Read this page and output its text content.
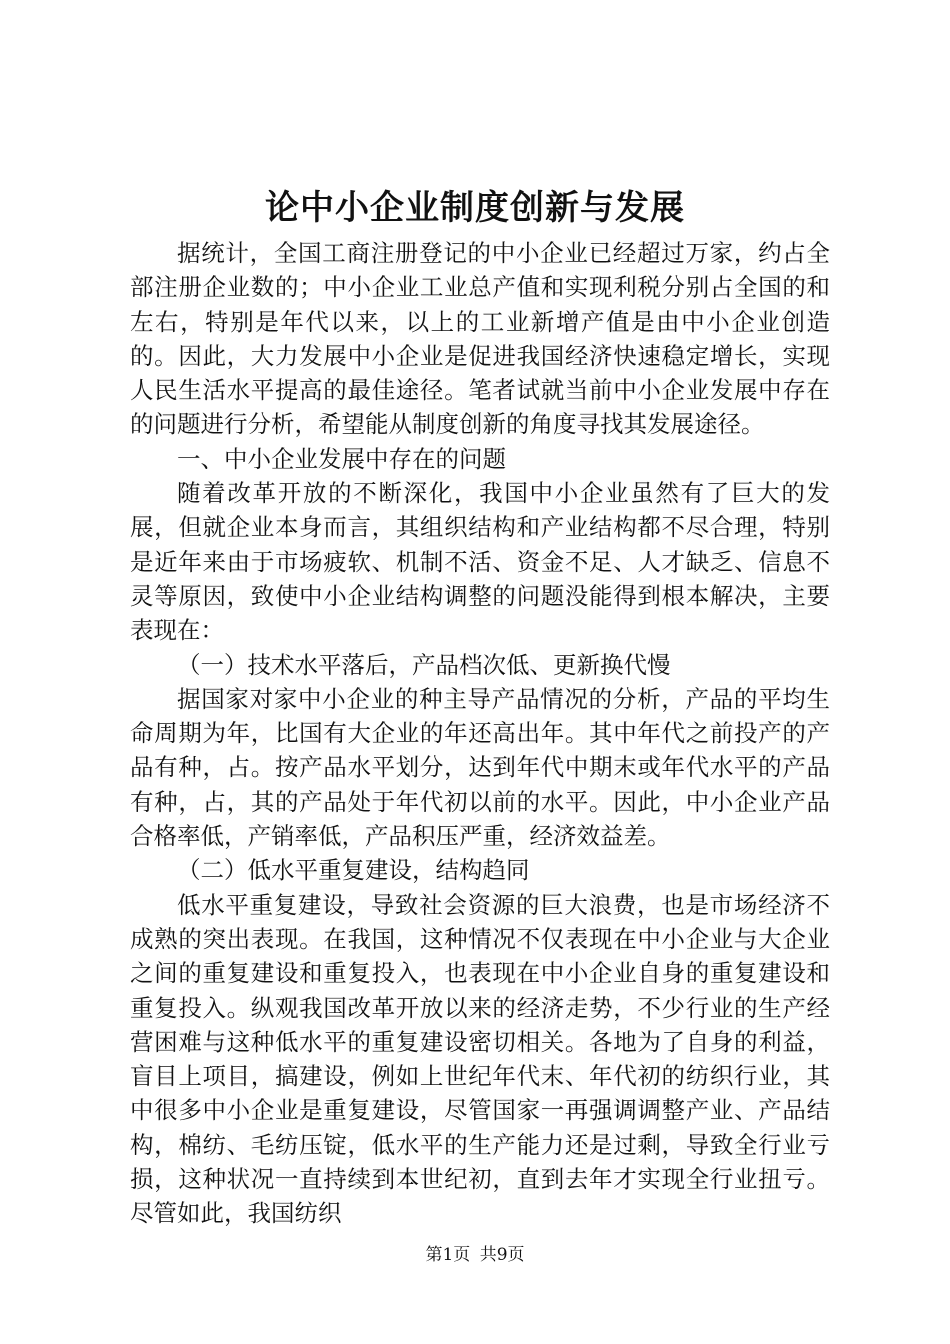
论中小企业制度创新与发展

据统计，全国工商注册登记的中小企业已经超过万家，约占全部注册企业数的；中小企业工业总产值和实现利税分别占全国的和左右，特别是年代以来，以上的工业新增产值是由中小企业创造的。因此，大力发展中小企业是促进我国经济快速稳定增长，实现人民生活水平提高的最佳途径。笔者试就当前中小企业发展中存在的问题进行分析，希望能从制度创新的角度寻找其发展途径。

一、中小企业发展中存在的问题

随着改革开放的不断深化，我国中小企业虽然有了巨大的发展，但就企业本身而言，其组织结构和产业结构都不尽合理，特别是近年来由于市场疲软、机制不活、资金不足、人才缺乏、信息不灵等原因，致使中小企业结构调整的问题没能得到根本解决，主要表现在：

（一）技术水平落后，产品档次低、更新换代慢

据国家对家中小企业的种主导产品情况的分析，产品的平均生命周期为年，比国有大企业的年还高出年。其中年代之前投产的产品有种，占。按产品水平划分，达到年代中期末或年代水平的产品有种，占，其的产品处于年代初以前的水平。因此，中小企业产品合格率低，产销率低，产品积压严重，经济效益差。

（二）低水平重复建设，结构趋同

低水平重复建设，导致社会资源的巨大浪费，也是市场经济不成熟的突出表现。在我国，这种情况不仅表现在中小企业与大企业之间的重复建设和重复投入，也表现在中小企业自身的重复建设和重复投入。纵观我国改革开放以来的经济走势，不少行业的生产经营困难与这种低水平的重复建设密切相关。各地为了自身的利益，盲目上项目，搞建设，例如上世纪年代末、年代初的纺织行业，其中很多中小企业是重复建设，尽管国家一再强调调整产业、产品结构，棉纺、毛纺压锭，低水平的生产能力还是过剩，导致全行业亏损，这种状况一直持续到本世纪初，直到去年才实现全行业扭亏。尽管如此，我国纺织

第1页 共9页
